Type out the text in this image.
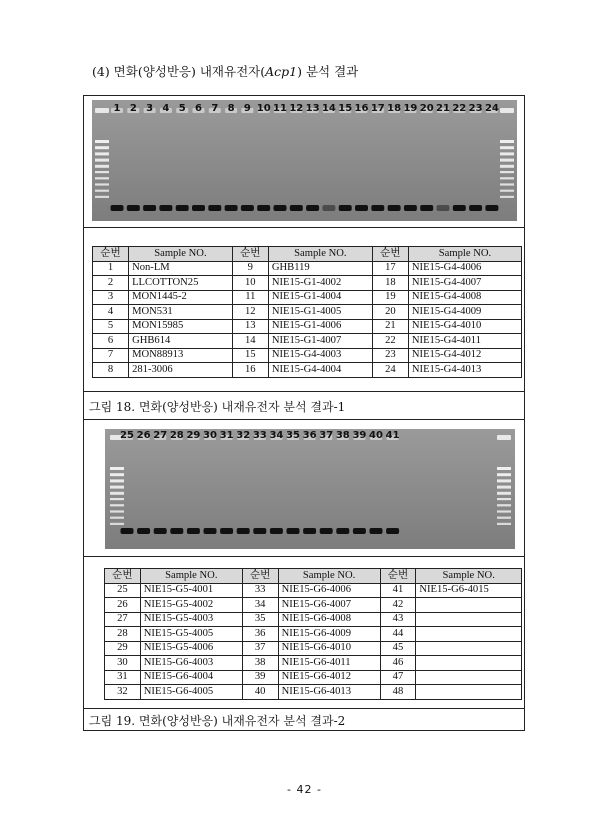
(4) 면화(양성반응) 내재유전자(Acp1) 분석 결과
1 2 3 4 5 6 7 8 9 10 11 12 13 14 15 16 17 18 19 20 21 22 23 24
순번	Sample NO.	순번	Sample NO.	순번	Sample NO.
1	Non-LM	9	GHB119	17	NIE15-G4-4006
2	LLCOTTON25	10	NIE15-G1-4002	18	NIE15-G4-4007
3	MON1445-2	11	NIE15-G1-4004	19	NIE15-G4-4008
4	MON531	12	NIE15-G1-4005	20	NIE15-G4-4009
5	MON15985	13	NIE15-G1-4006	21	NIE15-G4-4010
6	GHB614	14	NIE15-G1-4007	22	NIE15-G4-4011
7	MON88913	15	NIE15-G4-4003	23	NIE15-G4-4012
8	281-3006	16	NIE15-G4-4004	24	NIE15-G4-4013
그림 18. 면화(양성반응) 내재유전자 분석 결과-1
25 26 27 28 29 30 31 32 33 34 35 36 37 38 39 40 41
순번	Sample NO.	순번	Sample NO.	순번	Sample NO.
25	NIE15-G5-4001	33	NIE15-G6-4006	41	NIE15-G6-4015
26	NIE15-G5-4002	34	NIE15-G6-4007	42	
27	NIE15-G5-4003	35	NIE15-G6-4008	43	
28	NIE15-G5-4005	36	NIE15-G6-4009	44	
29	NIE15-G5-4006	37	NIE15-G6-4010	45	
30	NIE15-G6-4003	38	NIE15-G6-4011	46	
31	NIE15-G6-4004	39	NIE15-G6-4012	47	
32	NIE15-G6-4005	40	NIE15-G6-4013	48	
그림 19. 면화(양성반응) 내재유전자 분석 결과-2
- 42 -
